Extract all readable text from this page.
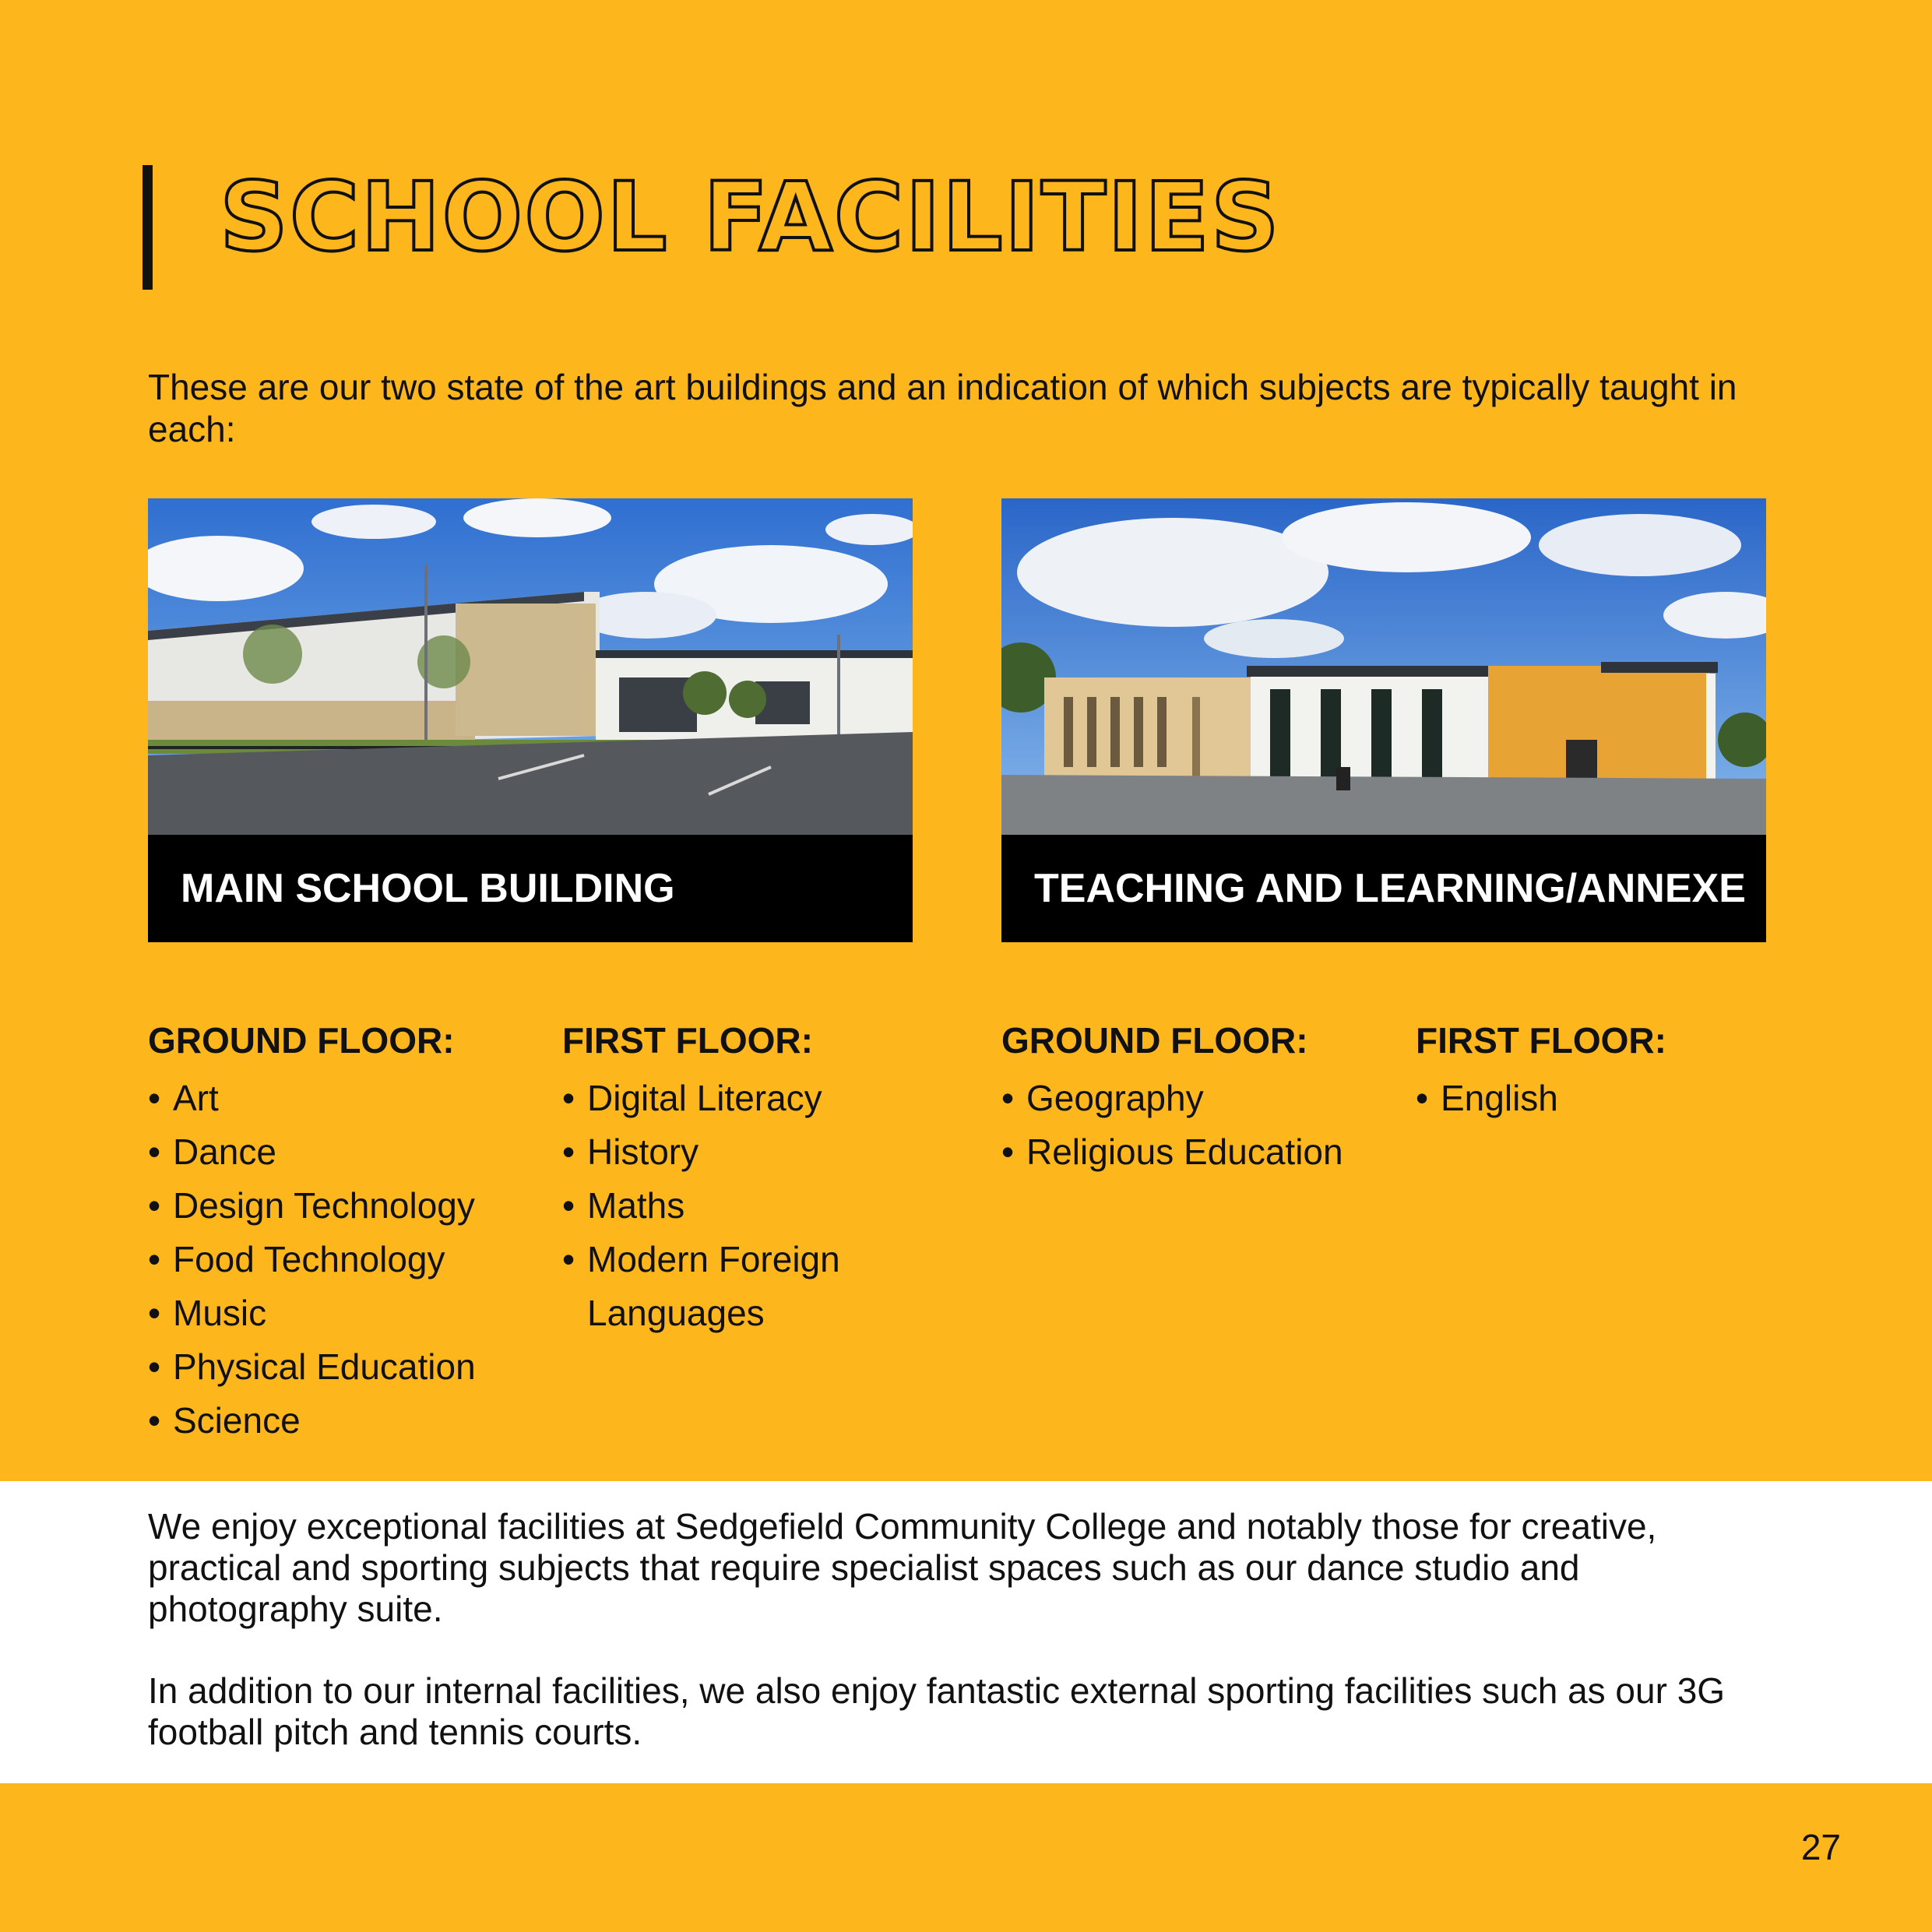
SCHOOL FACILITIES

These are our two state of the art buildings and an indication of which subjects are typically taught in each:

MAIN SCHOOL BUILDING	TEACHING AND LEARNING/ANNEXE
GROUND FLOOR:
• Art
• Dance
• Design Technology
• Food Technology
• Music
• Physical Education
• Science
FIRST FLOOR:
• Digital Literacy
• History
• Maths
• Modern Foreign Languages
GROUND FLOOR:
• Geography
• Religious Education
FIRST FLOOR:
• English

We enjoy exceptional facilities at Sedgefield Community College and notably those for creative, practical and sporting subjects that require specialist spaces such as our dance studio and photography suite.

In addition to our internal facilities, we also enjoy fantastic external sporting facilities such as our 3G football pitch and tennis courts.

27
